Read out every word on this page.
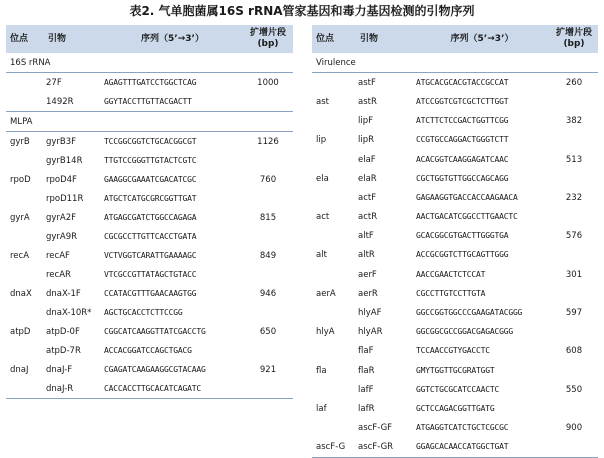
表2. 气单胞菌属16S rRNA管家基因和毒力基因检测的引物序列
位点	引物	序列（5’→3’）	扩增片段
(bp)

16S rRNA			
	27F	AGAGTTTGATCCTGGCTCAG	1000
	1492R	GGYTACCTTGTTACGACTT	
MLPA			
gyrB	gyrB3F	TCCGGCGGTCTGCACGGCGT	1126
	gyrB14R	TTGTCCGGGTTGTACTCGTC	
rpoD	rpoD4F	GAAGGCGAAATCGACATCGC	760
	rpoD11R	ATGCTCATGCGRCGGTTGAT	
gyrA	gyrA2F	ATGAGCGATCTGGCCAGAGA	815
	gyrA9R	CGCGCCTTGTTCACCTGATA	
recA	recAF	VCTVGGTCARATTGAAAAGC	849
	recAR	VTCGCCGTTATAGCTGTACC	
dnaX	dnaX-1F	CCATACGTTTGAACAAGTGG	946
	dnaX-10R*	AGCTGCACCTCTTCCGG	
atpD	atpD-0F	CGGCATCAAGGTTATCGACCTG	650
	atpD-7R	ACCACGGATCCAGCTGACG	
dnaJ	dnaJ-F	CGAGATCAAGAAGGCGTACAAG	921
	dnaJ-R	CACCACCTTGCACATCAGATC	
位点	引物	序列（5’→3’）	扩增片段
(bp)

Virulence			
	astF	ATGCACGCACGTACCGCCAT	260
ast	astR	ATCCGGTCGTCGCTCTTGGT	
	lipF	ATCTTCTCCGACTGGTTCGG	382
lip	lipR	CCGTGCCAGGACTGGGTCTT	
	elaF	ACACGGTCAAGGAGATCAAC	513
ela	elaR	CGCTGGTGTTGGCCAGCAGG	
	actF	GAGAAGGTGACCACCAAGAACA	232
act	actR	AACTGACATCGGCCTTGAACTC	
	altF	GCACGGCGTGACTTGGGTGA	576
alt	altR	ACCGCGGTCTTGCAGTTGGG	
	aerF	AACCGAACTCTCCAT	301
aerA	aerR	CGCCTTGTCCTTGTA	
	hlyAF	GGCCGGTGGCCCGAAGATACGGG	597
hlyA	hlyAR	GGCGGCGCCGGACGAGACGGG	
	flaF	TCCAACCGTYGACCTC	608
fla	flaR	GMYTGGTTGCGRATGGT	
	lafF	GGTCTGCGCATCCAACTC	550
laf	lafR	GCTCCAGACGGTTGATG	
	ascF-GF	ATGAGGTCATCTGCTCGCGC	900
ascF-G	ascF-GR	GGAGCACAACCATGGCTGAT	
